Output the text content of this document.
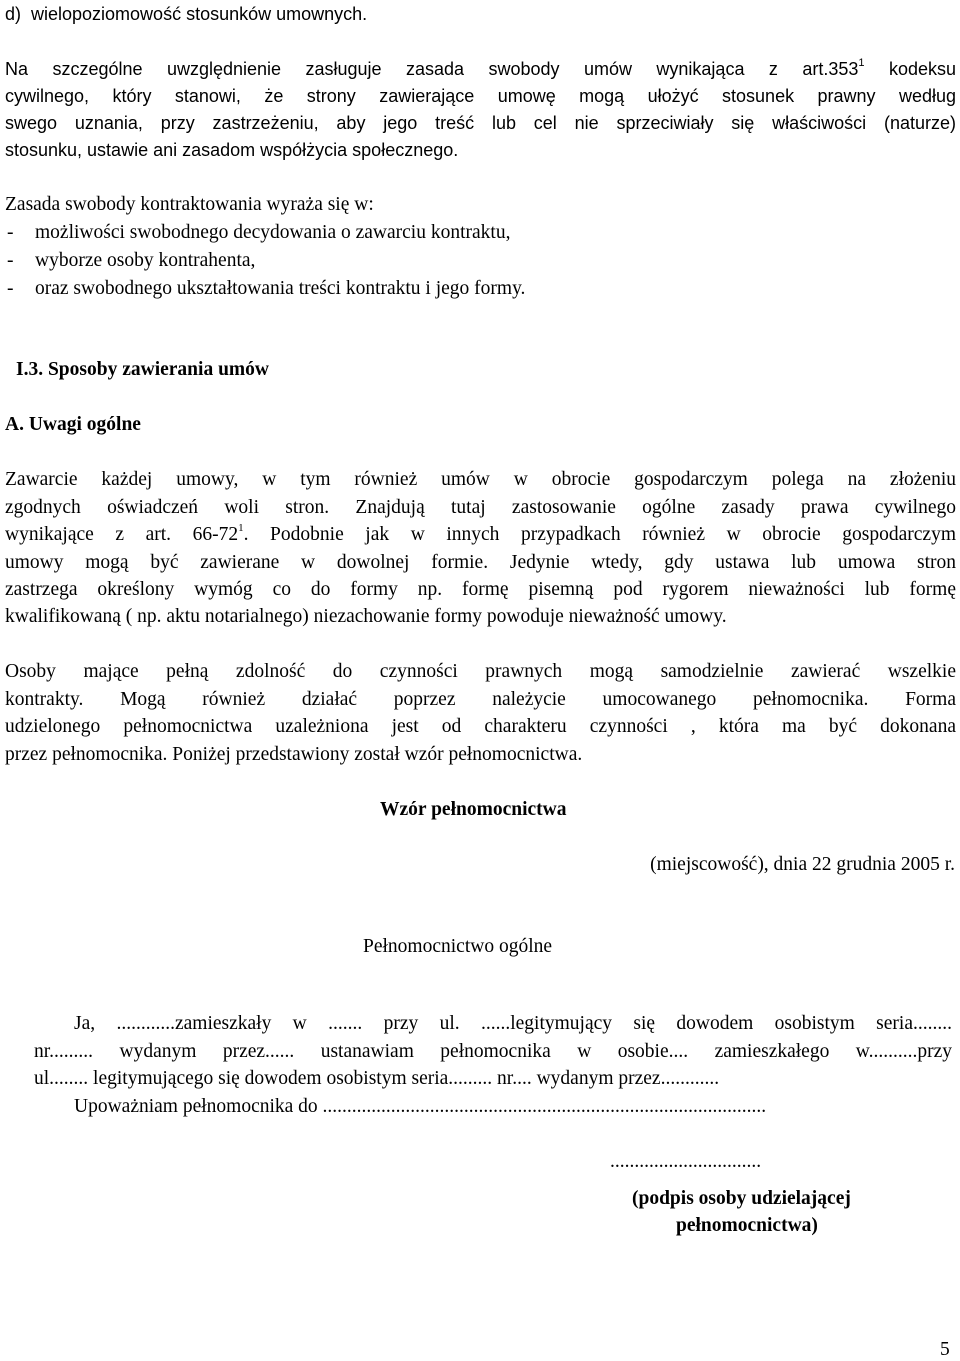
d)  wielopoziomowość stosunków umownych.
Na szczególne uwzględnienie zasługuje zasada swobody umów wynikająca z art.353$^1$ kodeksu
cywilnego, który stanowi, że strony zawierające umowę mogą ułożyć stosunek prawny według
swego uznania, przy zastrzeżeniu, aby jego treść lub cel nie sprzeciwiały się właściwości (naturze)
stosunku, ustawie ani zasadom współżycia społecznego.
Zasada swobody kontraktowania wyraża się w:
- możliwości swobodnego decydowania o zawarciu kontraktu,
- wyborze osoby kontrahenta,
- oraz swobodnego ukształtowania treści kontraktu i jego formy.
I.3. Sposoby zawierania umów
A. Uwagi ogólne
Zawarcie każdej umowy, w tym również umów w obrocie gospodarczym polega na złożeniu
zgodnych oświadczeń woli stron. Znajdują tutaj zastosowanie ogólne zasady prawa cywilnego
wynikające z art. $66-72^1$. Podobnie jak w innych przypadkach również w obrocie gospodarczym
umowy mogą być zawierane w dowolnej formie. Jedynie wtedy, gdy ustawa lub umowa stron
zastrzega określony wymóg co do formy np. formę pisemną pod rygorem nieważności lub formę
kwalifikowaną ( np. aktu notarialnego) niezachowanie formy powoduje nieważność umowy.
Osoby mające pełną zdolność do czynności prawnych mogą samodzielnie zawierać wszelkie
kontrakty. Mogą również działać poprzez należycie umocowanego pełnomocnika. Forma
udzielonego pełnomocnictwa uzależniona jest od charakteru czynności , która ma być dokonana
przez pełnomocnika. Poniżej przedstawiony został wzór pełnomocnictwa.
Wzór pełnomocnictwa
(miejscowość), dnia 22 grudnia 2005 r.
Pełnomocnictwo ogólne
Ja, ............zamieszkały w ....... przy ul. ......legitymujący się dowodem osobistym seria........
nr......... wydanym przez...... ustanawiam pełnomocnika w osobie.... zamieszkałego w..........przy
ul........ legitymującego się dowodem osobistym seria......... nr.... wydanym przez............
Upoważniam pełnomocnika do ...........................................................................................
...............................
(podpis osoby udzielającej
pełnomocnictwa)
5
